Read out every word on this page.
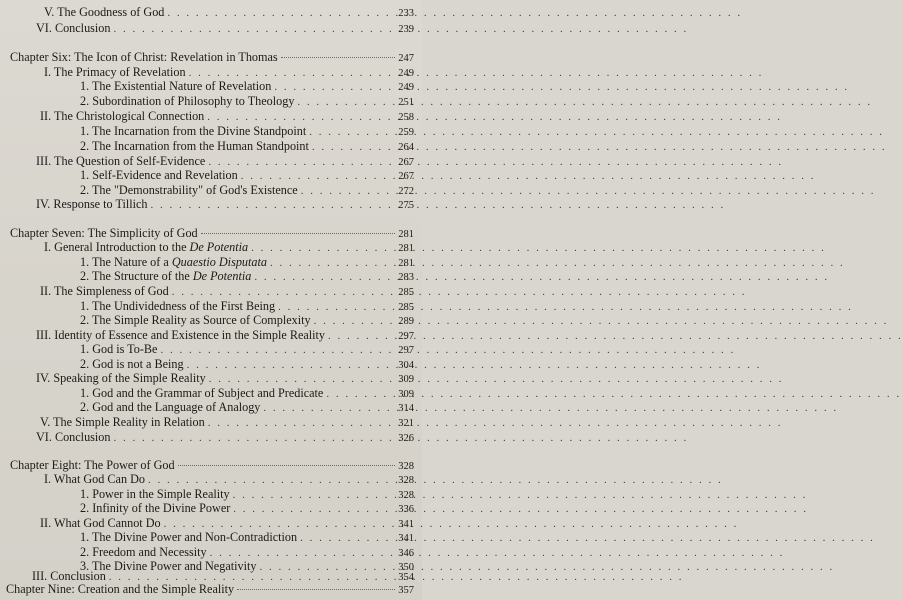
V. The Goodness of God . . .	233
VI. Conclusion . . .	239
Chapter Six: The Icon of Christ: Revelation in Thomas	247
I. The Primacy of Revelation . . .	249
1. The Existential Nature of Revelation . . .	249
2. Subordination of Philosophy to Theology . . .	251
II. The Christological Connection . . .	258
1. The Incarnation from the Divine Standpoint . . .	259
2. The Incarnation from the Human Standpoint . . .	264
III. The Question of Self-Evidence . . .	267
1. Self-Evidence and Revelation . . .	267
2. The "Demonstrability" of God's Existence . . .	272
IV. Response to Tillich . . .	275
Chapter Seven: The Simplicity of God	281
I. General Introduction to the De Potentia . . .	281
1. The Nature of a Quaestio Disputata . . .	281
2. The Structure of the De Potentia . . .	283
II. The Simpleness of God . . .	285
1. The Undividedness of the First Being . . .	285
2. The Simple Reality as Source of Complexity . . .	289
III. Identity of Essence and Existence in the Simple Reality . . .	297
1. God is To-Be . . .	297
2. God is not a Being . . .	304
IV. Speaking of the Simple Reality . . .	309
1. God and the Grammar of Subject and Predicate . . .	309
2. God and the Language of Analogy . . .	314
V. The Simple Reality in Relation . . .	321
VI. Conclusion . . .	326
Chapter Eight: The Power of God	328
I. What God Can Do . . .	328
1. Power in the Simple Reality . . .	328
2. Infinity of the Divine Power . . .	336
II. What God Cannot Do . . .	341
1. The Divine Power and Non-Contradiction . . .	341
2. Freedom and Necessity . . .	346
3. The Divine Power and Negativity . . .	350
III. Conclusion . . .	354
Chapter Nine: Creation and the Simple Reality	357
